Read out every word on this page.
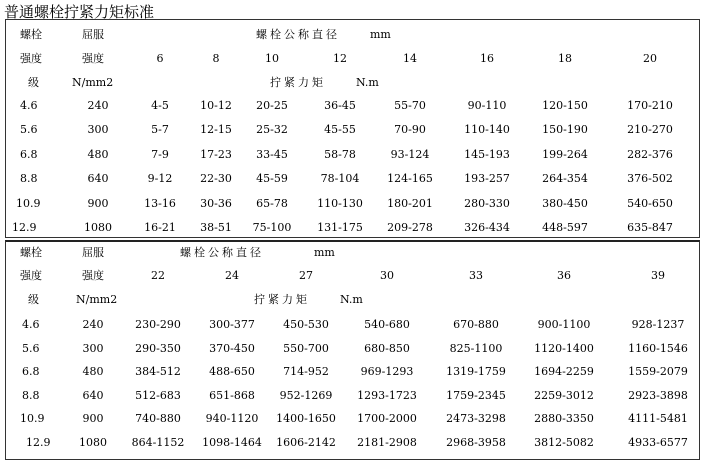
普通螺栓拧紧力矩标准
螺栓	屈服	螺栓公称直径	mm
强度	强度	6	8	10	12	14	16	18	20
级	N/mm2	拧紧力矩	N.m
4.6	240	4-5	10-12 20-25	36-45	55-70	90-110	120-150	170-210
5.6	300	5-7	12-15 25-32	45-55	70-90	110-140	150-190	210-270
6.8	480	7-9	17-23 33-45	58-78	93-124	145-193	199-264	282-376
8.8	640	9-12	22-30 45-59	78-104	124-165	193-257	264-354	376-502
10.9	900	13-16 30-36 65-78	110-130 180-201	280-330	380-450	540-650
12.9	1080	16-21 38-51 75-100 131-175 209-278	326-434	448-597	635-847
螺栓	屈服	螺栓公称直径	mm
强度	强度	22	24	27	30	33	36	39
级	N/mm2	拧紧力矩	N.m
4.6	240	230-290	300-377	450-530	540-680	670-880	900-1100	928-1237
5.6	300	290-350	370-450	550-700	680-850	825-1100	1120-1400	1160-1546
6.8	480	384-512	488-650	714-952	969-1293	1319-1759	1694-2259	1559-2079
8.8	640	512-683	651-868 952-1269 1293-1723	1759-2345	2259-3012	2923-3898
10.9	900	740-880 940-1120 1400-1650 1700-2000	2473-3298	2880-3350	4111-5481
12.9	1080 864-1152 1098-1464 1606-2142 2181-2908	2968-3958	3812-5082	4933-6577
